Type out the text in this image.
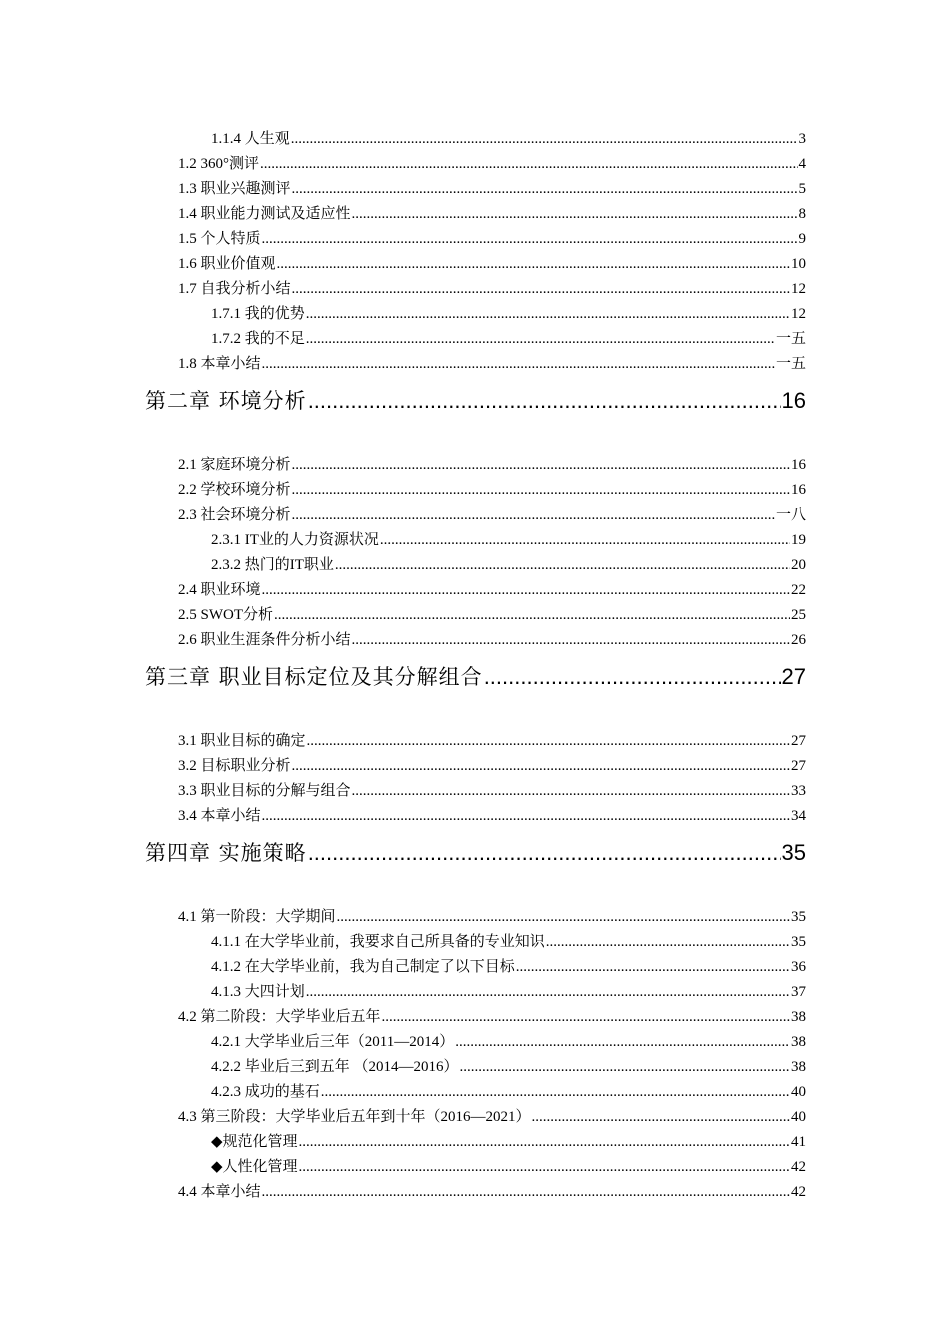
1.1.4 人生观 .....	3
1.2 360°测评 .....	4
1.3 职业兴趣测评 .....	5
1.4 职业能力测试及适应性 .....	8
1.5 个人特质 .....	9
1.6 职业价值观 .....	10
1.7 自我分析小结 .....	12
1.7.1 我的优势 .....	12
1.7.2 我的不足 .....	一五
1.8 本章小结 .....	一五
第二章 环境分析 .....	16
2.1 家庭环境分析 .....	16
2.2 学校环境分析 .....	16
2.3 社会环境分析 .....	一八
2.3.1 IT业的人力资源状况 .....	19
2.3.2 热门的IT职业 .....	20
2.4 职业环境 .....	22
2.5 SWOT分析 .....	25
2.6 职业生涯条件分析小结 .....	26
第三章 职业目标定位及其分解组合 .....	27
3.1 职业目标的确定 .....	27
3.2 目标职业分析 .....	27
3.3 职业目标的分解与组合 .....	33
3.4 本章小结 .....	34
第四章 实施策略 .....	35
4.1 第一阶段：大学期间 .....	35
4.1.1 在大学毕业前，我要求自己所具备的专业知识 .....	35
4.1.2 在大学毕业前，我为自己制定了以下目标 .....	36
4.1.3 大四计划 .....	37
4.2 第二阶段：大学毕业后五年 .....	38
4.2.1 大学毕业后三年（2011—2014） .....	38
4.2.2 毕业后三到五年 （2014—2016） .....	38
4.2.3 成功的基石 .....	40
4.3 第三阶段：大学毕业后五年到十年（2016—2021） .....	40
◆规范化管理 .....	41
◆人性化管理 .....	42
4.4 本章小结 .....	42
